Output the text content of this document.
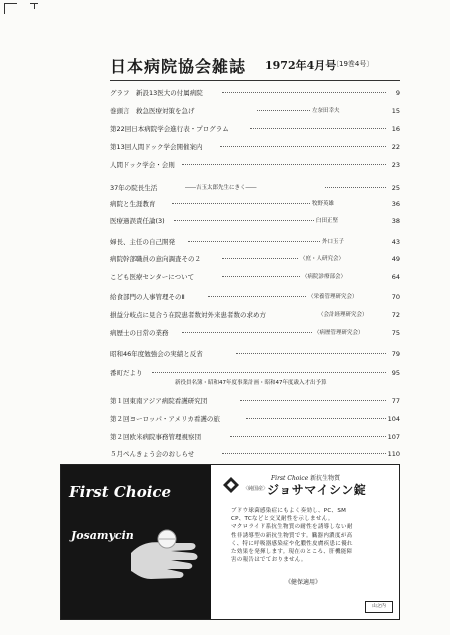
日本病院協会雑誌 1972年4月号
〔19巻4号〕
グラフ　新設13医大の付属病院	9
巻頭言　救急医療対策を急げ	左奈田幸夫	15
第22回日本病院学会進行表・プログラム	16
第13回人間ドック学会開催案内	22
人間ドック学会・会則	23
37年の院長生活	――吉玉太郎先生にきく――	25
病院と生涯教育	牧野英雄	36
医療過誤責任論(3)	臼田正堅	38
婦長、主任の自己開発	外口玉子	43
病院幹部職員の意向調査その２	（庶・人研究会）	49
こども医療センターについて	（病院診療部会）	64
給食部門の人事管理そのⅡ	（栄養管理研究会）	70
損益分岐点に見合う在院患者数対外来患者数の求め方	（会計経理研究会）	72
病歴士の日常の業務	（病歴管理研究会）	75
昭和46年度勉強会の実績と反省	79
番町だより	95
第１回東南アジア病院看護研究団	77
第２回ヨーロッパ・アメリカ看護の旅	104
第２回欧米病院事務管理視察団	107
５月ぺんきょう会のおしらせ	110
新役員名簿・昭和47年度事業計画・昭和47年度歳入才出予算
First Choice
Josamycin
First Choice 新抗生物質
〈純国産〉
ジョサマイシン錠
ブドウ球菌感染症にもよく奏効し、PC、SM
CP、TCなどと交叉耐性を示しません。
マクロライド系抗生物質の耐性を誘導しない耐
性非誘導型の新抗生物質です。臓器内濃度が高
く、特に呼吸器感染症や化膿性皮膚疾患に優れ
た効果を発揮します。現在のところ、肝機能障
害の報告はでておりません。
《健保適用》
山之内
